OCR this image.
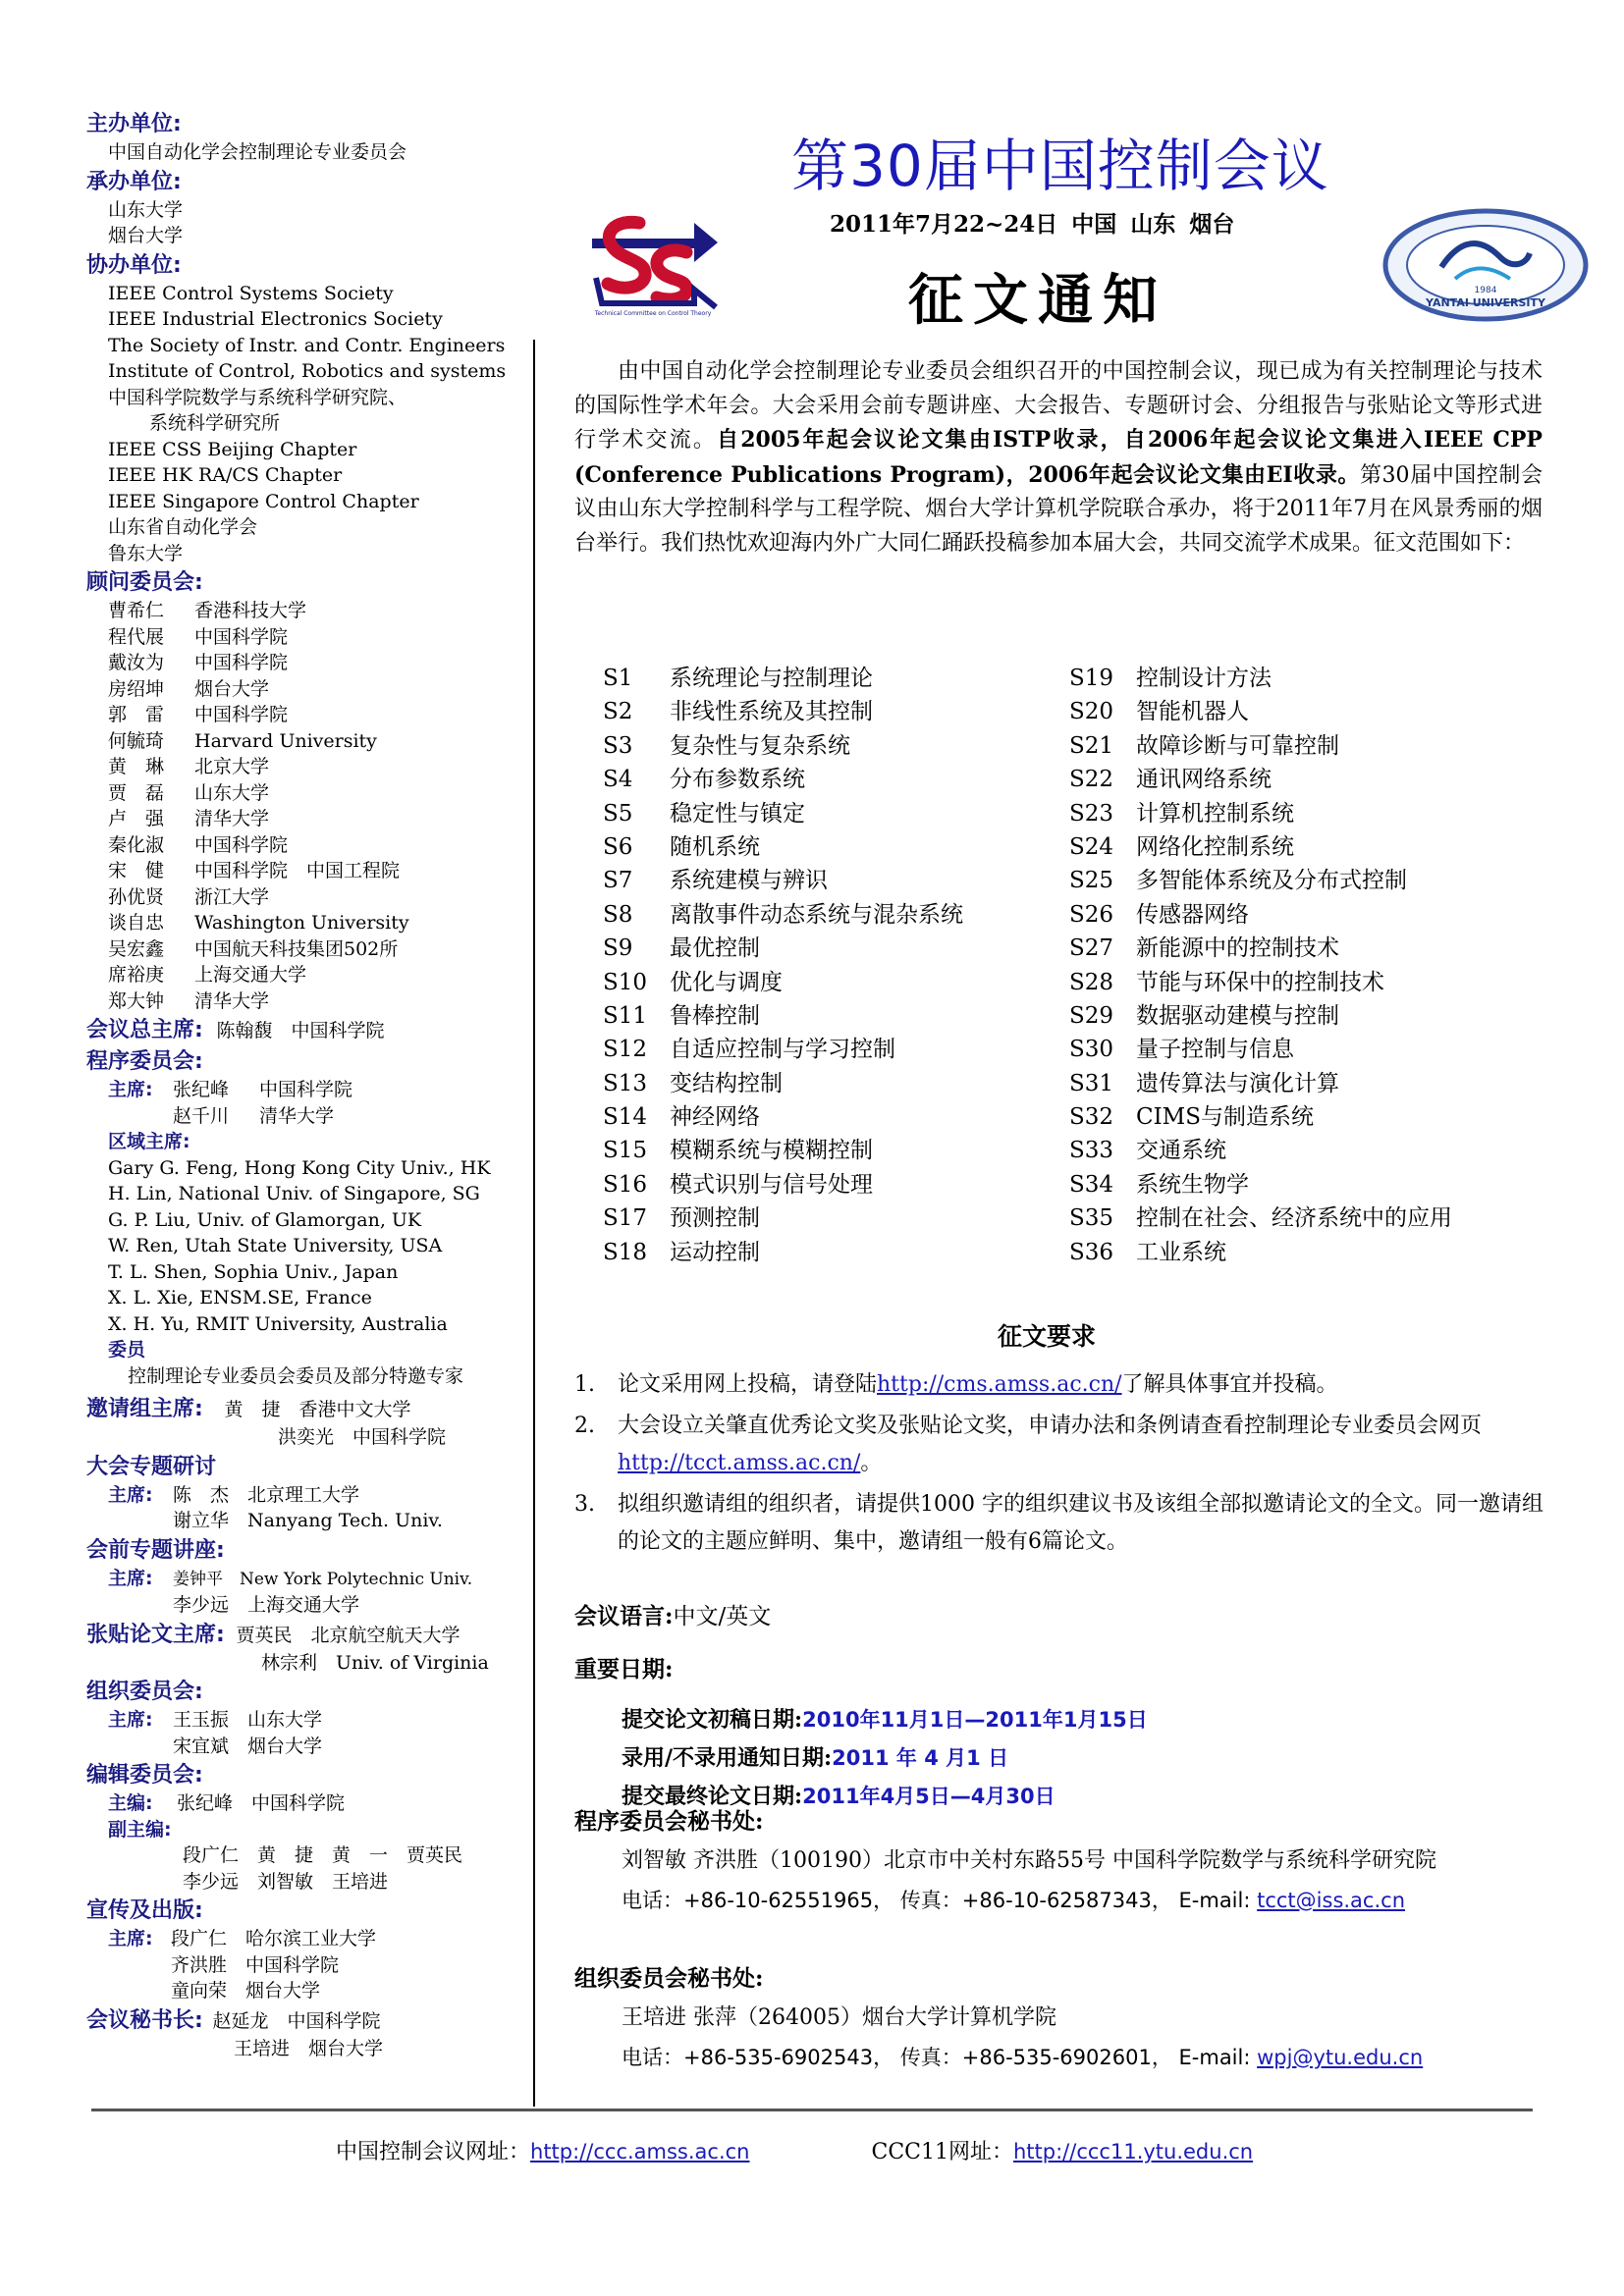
主办单位:
中国自动化学会控制理论专业委员会
承办单位:
山东大学
烟台大学
协办单位:
IEEE Control Systems Society
IEEE Industrial Electronics Society
The Society of Instr. and Contr. Engineers
Institute of Control, Robotics and systems
中国科学院数学与系统科学研究院、
系统科学研究所
IEEE CSS Beijing Chapter
IEEE HK RA/CS Chapter
IEEE Singapore Control Chapter
山东省自动化学会
鲁东大学
顾问委员会:
曹希仁 香港科技大学
程代展 中国科学院
戴汝为 中国科学院
房绍坤 烟台大学
郭　雷 中国科学院
何毓琦 Harvard University
黄　琳 北京大学
贾　磊 山东大学
卢　强 清华大学
秦化淑 中国科学院
宋　健 中国科学院　中国工程院
孙优贤 浙江大学
谈自忠 Washington University
吴宏鑫 中国航天科技集团502所
席裕庚 上海交通大学
郑大钟 清华大学
会议总主席: 陈翰馥　中国科学院
程序委员会:
主席: 张纪峰 中国科学院
赵千川 清华大学
区域主席:
Gary G. Feng, Hong Kong City Univ., HK
H. Lin, National Univ. of Singapore, SG
G. P. Liu, Univ. of Glamorgan, UK
W. Ren, Utah State University, USA
T. L. Shen, Sophia Univ., Japan
X. L. Xie, ENSM.SE, France
X. H. Yu, RMIT University, Australia
委员
控制理论专业委员会委员及部分特邀专家
邀请组主席: 黄　捷　香港中文大学
洪奕光　中国科学院
大会专题研讨
主席: 陈　杰　北京理工大学
谢立华　Nanyang Tech. Univ.
会前专题讲座:
主席: 姜钟平　New York Polytechnic Univ.
李少远　上海交通大学
张贴论文主席: 贾英民　北京航空航天大学
林宗利　Univ. of Virginia
组织委员会:
主席: 王玉振　山东大学
宋宜斌　烟台大学
编辑委员会:
主编: 张纪峰　中国科学院
副主编:
段广仁　黄　捷　黄　一　贾英民
李少远　刘智敏　王培进
宣传及出版:
主席: 段广仁　哈尔滨工业大学
齐洪胜　中国科学院
童向荣　烟台大学
会议秘书长: 赵延龙　中国科学院
王培进　烟台大学
第30届中国控制会议
Technical Committee on Control Theory
YANTAI UNIVERSITY
1984
2011年7月22~24日 中国 山东 烟台
征文通知
由中国自动化学会控制理论专业委员会组织召开的中国控制会议，现已成为有关控制理论与技术的国际性学术年会。大会采用会前专题讲座、大会报告、专题研讨会、分组报告与张贴论文等形式进行学术交流。自2005年起会议论文集由ISTP收录，自2006年起会议论文集进入IEEE CPP (Conference Publications Program)，2006年起会议论文集由EI收录。第30届中国控制会议由山东大学控制科学与工程学院、烟台大学计算机学院联合承办，将于2011年7月在风景秀丽的烟台举行。我们热忱欢迎海内外广大同仁踊跃投稿参加本届大会，共同交流学术成果。征文范围如下：
S1 系统理论与控制理论
S2 非线性系统及其控制
S3 复杂性与复杂系统
S4 分布参数系统
S5 稳定性与镇定
S6 随机系统
S7 系统建模与辨识
S8 离散事件动态系统与混杂系统
S9 最优控制
S10 优化与调度
S11 鲁棒控制
S12 自适应控制与学习控制
S13 变结构控制
S14 神经网络
S15 模糊系统与模糊控制
S16 模式识别与信号处理
S17 预测控制
S18 运动控制
S19 控制设计方法
S20 智能机器人
S21 故障诊断与可靠控制
S22 通讯网络系统
S23 计算机控制系统
S24 网络化控制系统
S25 多智能体系统及分布式控制
S26 传感器网络
S27 新能源中的控制技术
S28 节能与环保中的控制技术
S29 数据驱动建模与控制
S30 量子控制与信息
S31 遗传算法与演化计算
S32 CIMS与制造系统
S33 交通系统
S34 系统生物学
S35 控制在社会、经济系统中的应用
S36 工业系统
征文要求
1. 论文采用网上投稿，请登陆http://cms.amss.ac.cn/了解具体事宜并投稿。
2. 大会设立关肇直优秀论文奖及张贴论文奖，申请办法和条例请查看控制理论专业委员会网页http://tcct.amss.ac.cn/。
3. 拟组织邀请组的组织者，请提供1000 字的组织建议书及该组全部拟邀请论文的全文。同一邀请组的论文的主题应鲜明、集中，邀请组一般有6篇论文。
会议语言:中文/英文
重要日期:
提交论文初稿日期:2010年11月1日—2011年1月15日
录用/不录用通知日期:2011 年 4 月1 日
提交最终论文日期:2011年4月5日—4月30日
程序委员会秘书处:
刘智敏 齐洪胜（100190）北京市中关村东路55号 中国科学院数学与系统科学研究院
电话：+86-10-62551965， 传真：+86-10-62587343， E-mail: tcct@iss.ac.cn
组织委员会秘书处:
王培进 张萍（264005）烟台大学计算机学院
电话：+86-535-6902543， 传真：+86-535-6902601， E-mail: wpj@ytu.edu.cn
中国控制会议网址：http://ccc.amss.ac.cn	CCC11网址：http://ccc11.ytu.edu.cn
